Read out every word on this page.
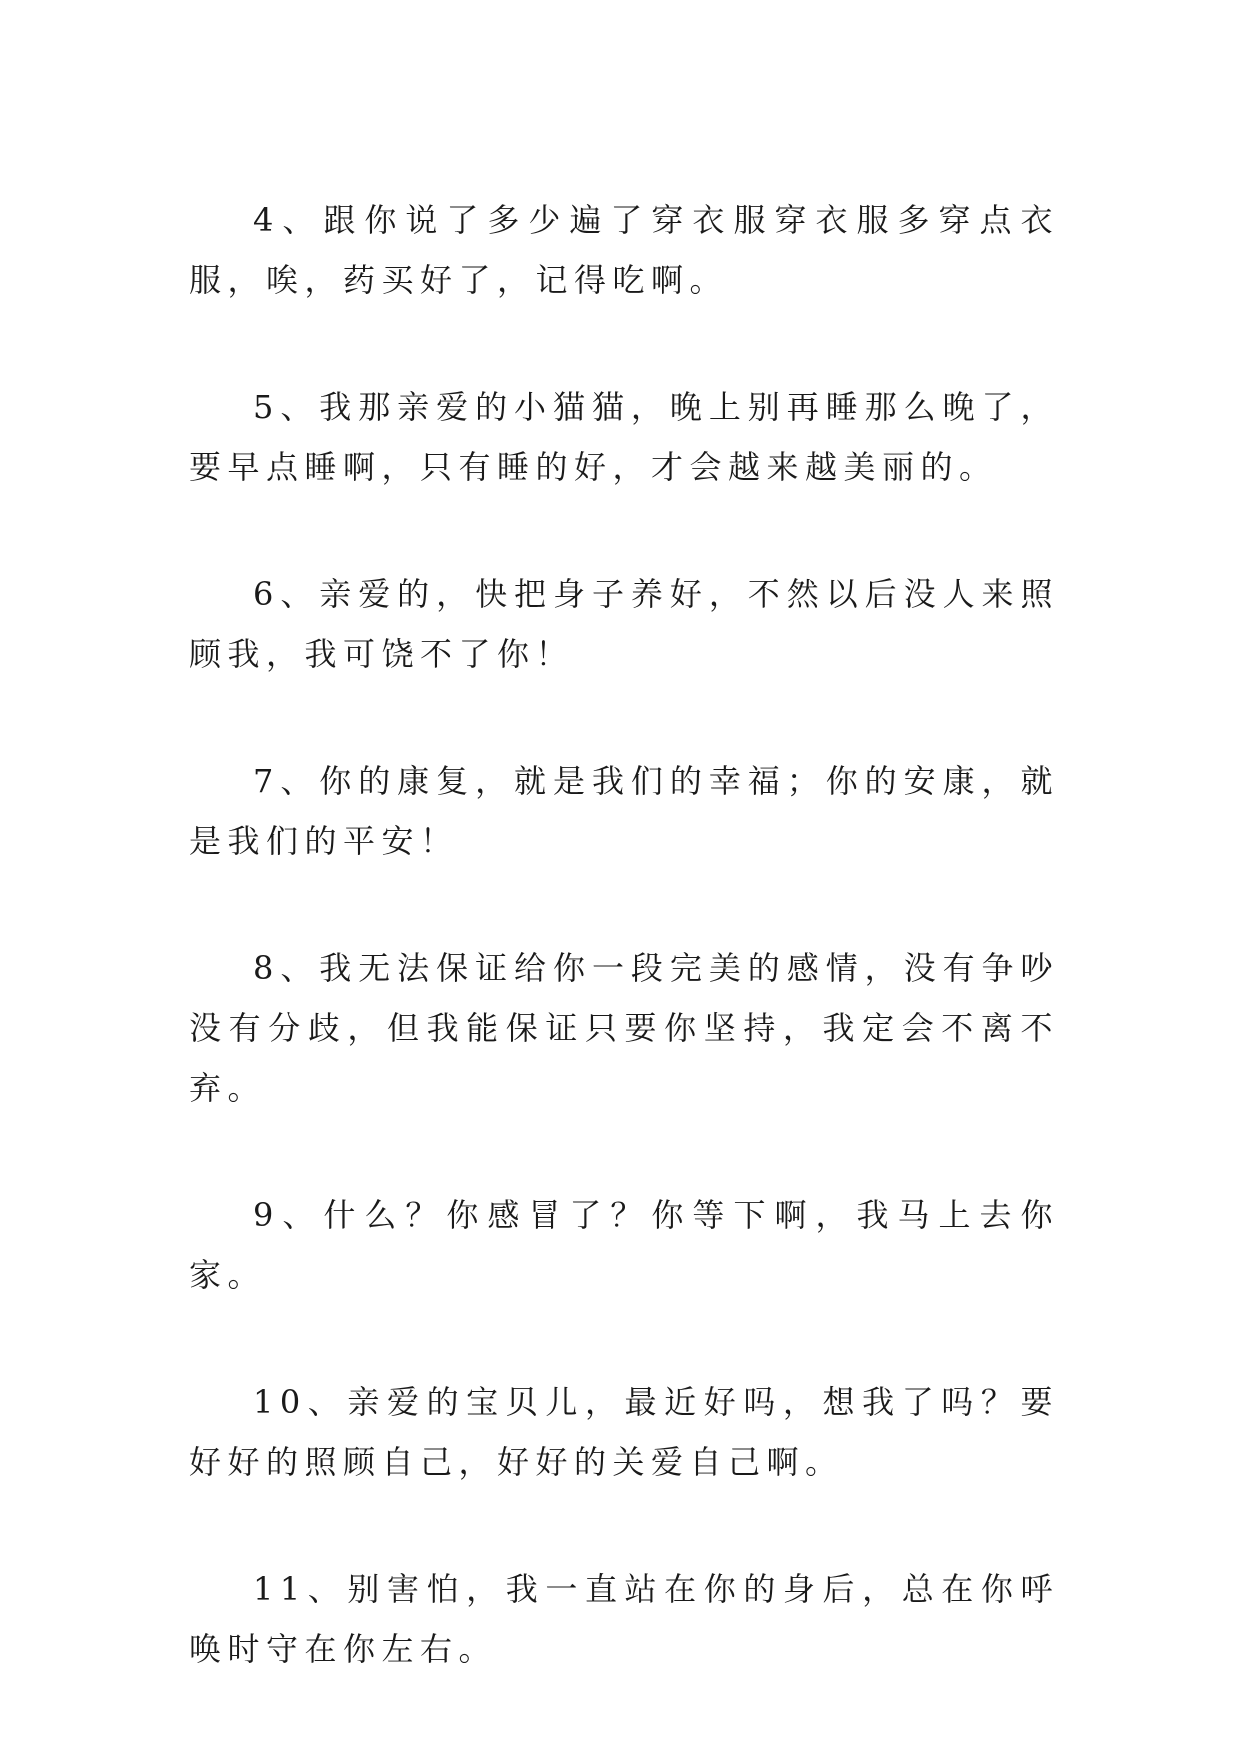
4、跟你说了多少遍了穿衣服穿衣服多穿点衣服，唉，药买好了，记得吃啊。

5、我那亲爱的小猫猫，晚上别再睡那么晚了，要早点睡啊，只有睡的好，才会越来越美丽的。

6、亲爱的，快把身子养好，不然以后没人来照顾我，我可饶不了你！

7、你的康复，就是我们的幸福；你的安康，就是我们的平安！

8、我无法保证给你一段完美的感情，没有争吵没有分歧，但我能保证只要你坚持，我定会不离不弃。

9、什么？你感冒了？你等下啊，我马上去你家。

10、亲爱的宝贝儿，最近好吗，想我了吗？要好好的照顾自己，好好的关爱自己啊。

11、别害怕，我一直站在你的身后，总在你呼唤时守在你左右。
